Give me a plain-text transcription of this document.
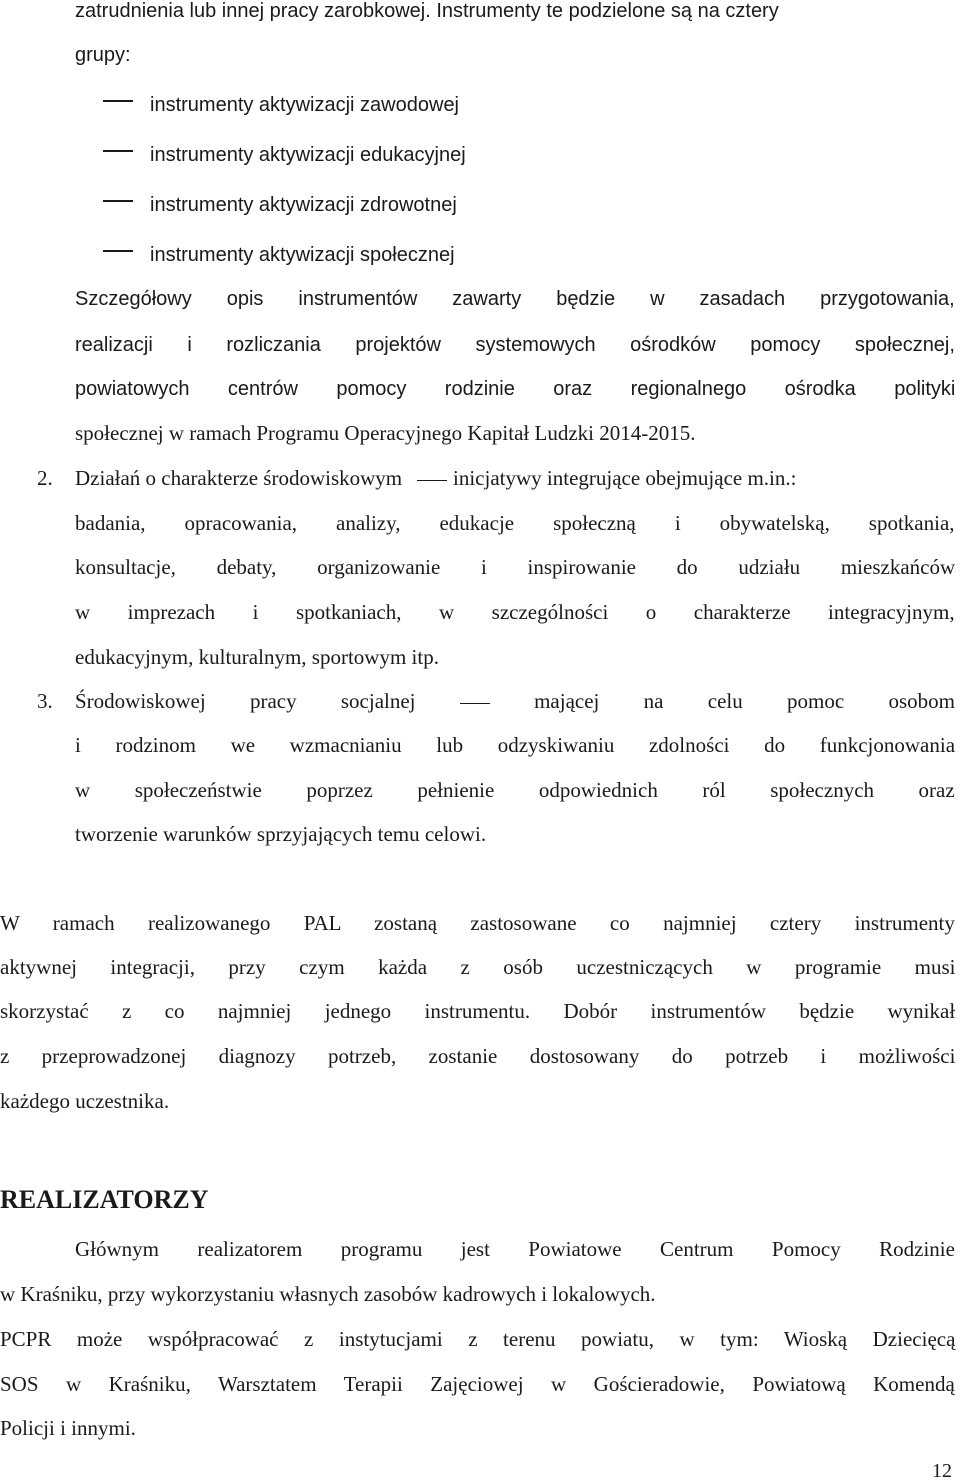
zatrudnienia lub innej pracy zarobkowej. Instrumenty te podzielone są na cztery
grupy:
instrumenty aktywizacji zawodowej
instrumenty aktywizacji edukacyjnej
instrumenty aktywizacji zdrowotnej
instrumenty aktywizacji społecznej
Szczegółowy opis instrumentów zawarty będzie w zasadach przygotowania,
realizacji i rozliczania projektów systemowych ośrodków pomocy społecznej,
powiatowych centrów pomocy rodzinie oraz regionalnego ośrodka polityki
społecznej w ramach Programu Operacyjnego Kapitał Ludzki 2014-2015.
2. Działań o charakterze środowiskowym inicjatywy integrujące obejmujące m.in.:
badania, opracowania, analizy, edukacje społeczną i obywatelską, spotkania,
konsultacje, debaty, organizowanie i inspirowanie do udziału mieszkańców
w imprezach i spotkaniach, w szczególności o charakterze integracyjnym,
edukacyjnym, kulturalnym, sportowym itp.
3. Środowiskowej pracy socjalnej	mającej na celu pomoc osobom
i rodzinom we wzmacnianiu lub odzyskiwaniu zdolności do funkcjonowania
w społeczeństwie poprzez pełnienie odpowiednich ról społecznych oraz
tworzenie warunków sprzyjających temu celowi.
W ramach realizowanego PAL zostaną zastosowane co najmniej cztery instrumenty
aktywnej integracji, przy czym każda z osób uczestniczących w programie musi
skorzystać z co najmniej jednego instrumentu. Dobór instrumentów będzie wynikał
z przeprowadzonej diagnozy potrzeb, zostanie dostosowany do potrzeb i możliwości
każdego uczestnika.
REALIZATORZY
Głównym realizatorem programu jest Powiatowe Centrum Pomocy Rodzinie
w Kraśniku, przy wykorzystaniu własnych zasobów kadrowych i lokalowych.
PCPR może współpracować z instytucjami z terenu powiatu, w tym: Wioską Dziecięcą
SOS w Kraśniku, Warsztatem Terapii Zajęciowej w Gościeradowie, Powiatową Komendą
Policji i innymi.
12
